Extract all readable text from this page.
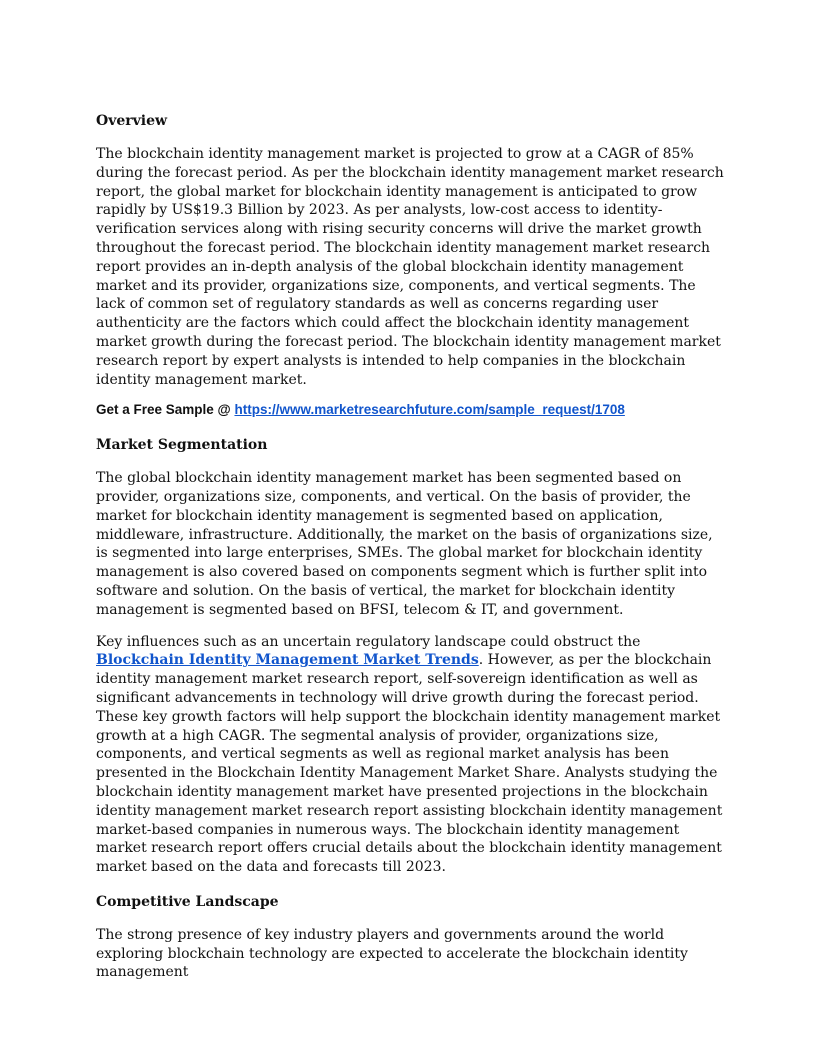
Overview

The blockchain identity management market is projected to grow at a CAGR of 85% during the forecast period. As per the blockchain identity management market research report, the global market for blockchain identity management is anticipated to grow rapidly by US$19.3 Billion by 2023. As per analysts, low-cost access to identity-verification services along with rising security concerns will drive the market growth throughout the forecast period. The blockchain identity management market research report provides an in-depth analysis of the global blockchain identity management market and its provider, organizations size, components, and vertical segments. The lack of common set of regulatory standards as well as concerns regarding user authenticity are the factors which could affect the blockchain identity management market growth during the forecast period. The blockchain identity management market research report by expert analysts is intended to help companies in the blockchain identity management market.

Get a Free Sample @ https://www.marketresearchfuture.com/sample_request/1708

Market Segmentation

The global blockchain identity management market has been segmented based on provider, organizations size, components, and vertical. On the basis of provider, the market for blockchain identity management is segmented based on application, middleware, infrastructure. Additionally, the market on the basis of organizations size, is segmented into large enterprises, SMEs. The global market for blockchain identity management is also covered based on components segment which is further split into software and solution. On the basis of vertical, the market for blockchain identity management is segmented based on BFSI, telecom & IT, and government.

Key influences such as an uncertain regulatory landscape could obstruct the Blockchain Identity Management Market Trends. However, as per the blockchain identity management market research report, self-sovereign identification as well as significant advancements in technology will drive growth during the forecast period. These key growth factors will help support the blockchain identity management market growth at a high CAGR. The segmental analysis of provider, organizations size, components, and vertical segments as well as regional market analysis has been presented in the Blockchain Identity Management Market Share. Analysts studying the blockchain identity management market have presented projections in the blockchain identity management market research report assisting blockchain identity management market-based companies in numerous ways. The blockchain identity management market research report offers crucial details about the blockchain identity management market based on the data and forecasts till 2023.

Competitive Landscape

The strong presence of key industry players and governments around the world exploring blockchain technology are expected to accelerate the blockchain identity management
